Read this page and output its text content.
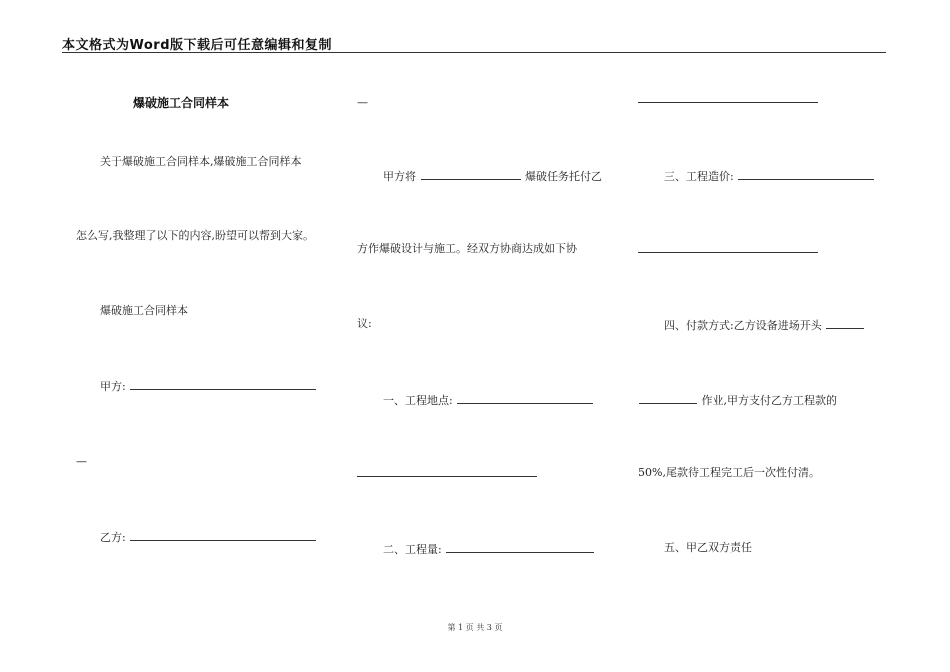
本文格式为Word版下载后可任意编辑和复制
爆破施工合同样本
关于爆破施工合同样本,爆破施工合同样本
怎么写,我整理了以下的内容,盼望可以帮到大家。
爆破施工合同样本
甲方:
—
乙方:
—
甲方将	爆破任务托付乙
方作爆破设计与施工。经双方协商达成如下协
议:
一、工程地点:
二、工程量:
三、工程造价:
四、付款方式:乙方设备进场开头
作业,甲方支付乙方工程款的
50%,尾款待工程完工后一次性付清。
五、甲乙双方责任
第 1 页 共 3 页
